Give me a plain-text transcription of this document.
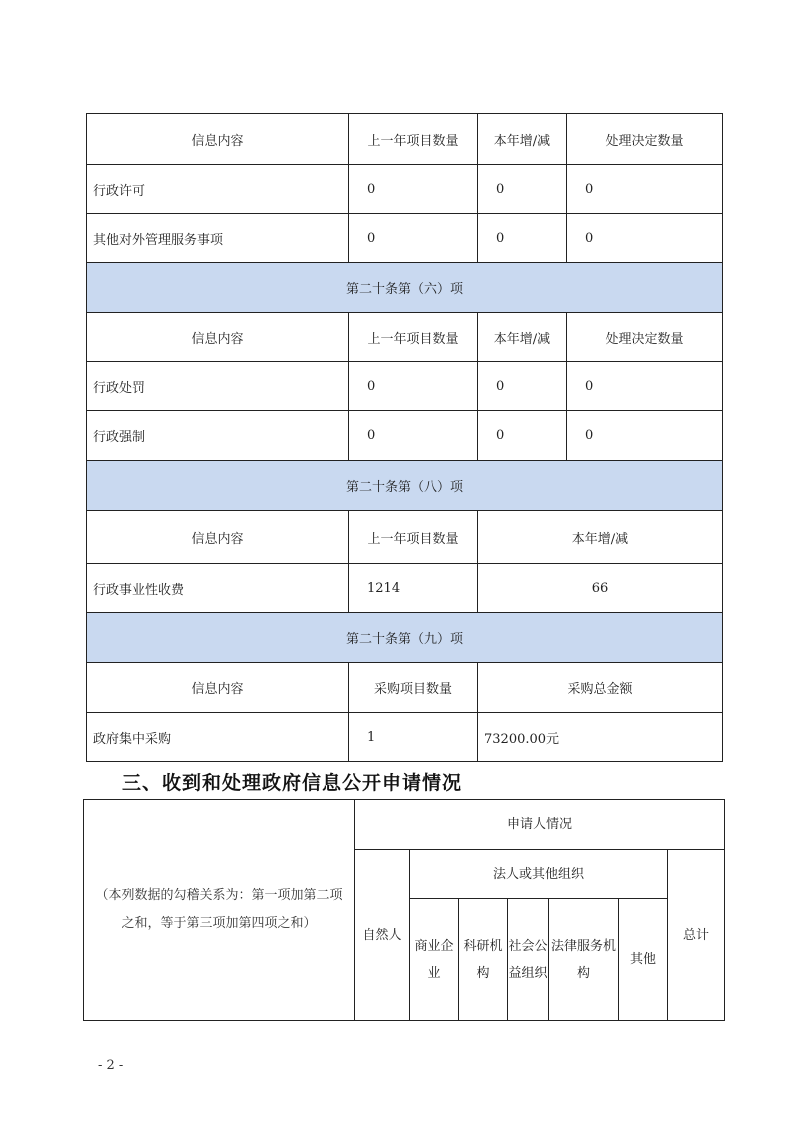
信息内容	上一年项目数量	本年增/减	处理决定数量
行政许可	0	0	0
其他对外管理服务事项	0	0	0
第二十条第（六）项			
信息内容	上一年项目数量	本年增/减	处理决定数量
行政处罚	0	0	0
行政强制	0	0	0
第二十条第（八）项			
信息内容	上一年项目数量	本年增/减	
行政事业性收费	1214	66	
第二十条第（九）项			
信息内容	采购项目数量	采购总金额	
政府集中采购	1	73200.00元	
三、收到和处理政府信息公开申请情况
（本列数据的勾稽关系为：第一项加第二项之和，等于第三项加第四项之和）	申请人情况						
	自然人	法人或其他组织					总计
		商业企业	科研机构	社会公益组织	法律服务机构	其他	

- 2 -
